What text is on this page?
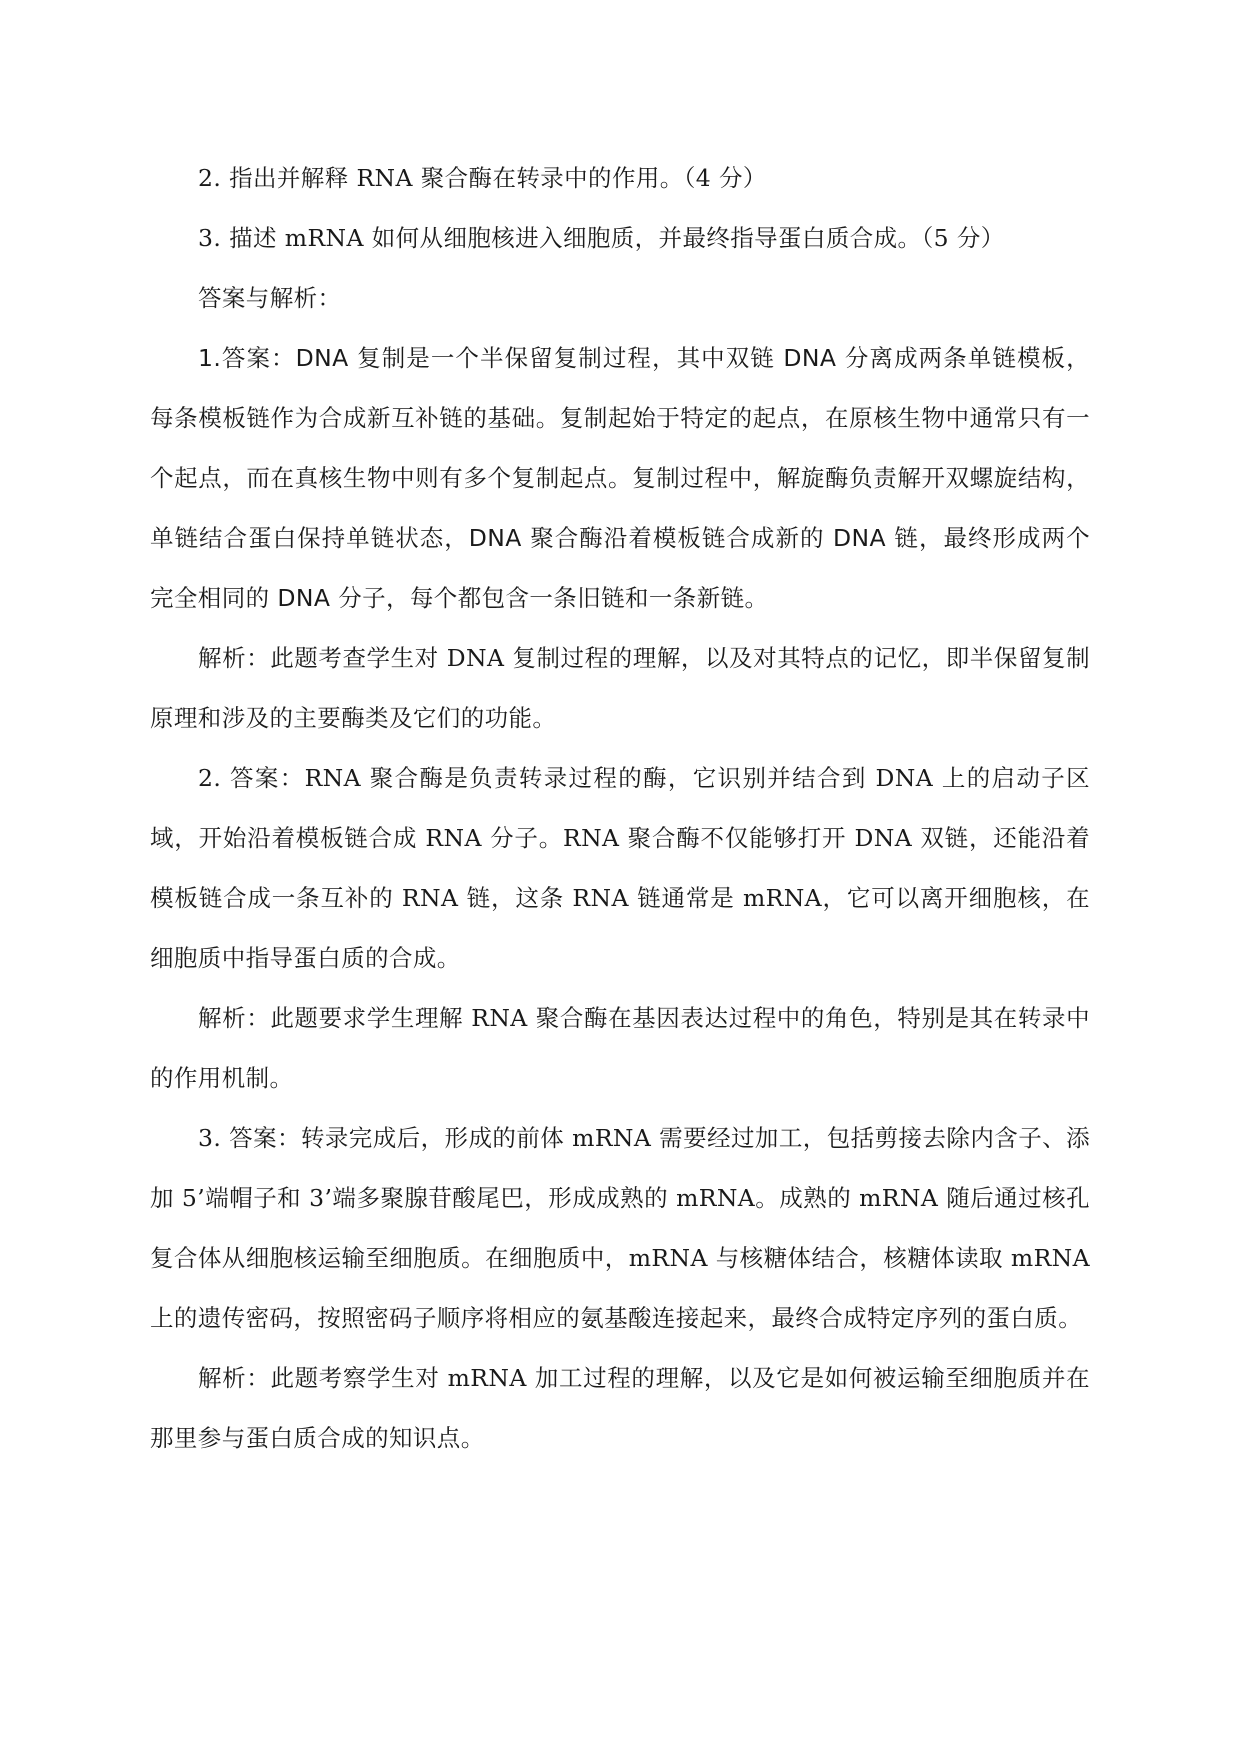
2. 指出并解释 RNA 聚合酶在转录中的作用。（4 分）

3. 描述 mRNA 如何从细胞核进入细胞质，并最终指导蛋白质合成。（5 分）

答案与解析：

1.答案：DNA 复制是一个半保留复制过程，其中双链 DNA 分离成两条单链模板，每条模板链作为合成新互补链的基础。复制起始于特定的起点，在原核生物中通常只有一个起点，而在真核生物中则有多个复制起点。复制过程中，解旋酶负责解开双螺旋结构，单链结合蛋白保持单链状态，DNA 聚合酶沿着模板链合成新的 DNA 链，最终形成两个完全相同的 DNA 分子，每个都包含一条旧链和一条新链。

解析：此题考查学生对 DNA 复制过程的理解，以及对其特点的记忆，即半保留复制原理和涉及的主要酶类及它们的功能。

2. 答案：RNA 聚合酶是负责转录过程的酶，它识别并结合到 DNA 上的启动子区域，开始沿着模板链合成 RNA 分子。RNA 聚合酶不仅能够打开 DNA 双链，还能沿着模板链合成一条互补的 RNA 链，这条 RNA 链通常是 mRNA，它可以离开细胞核，在细胞质中指导蛋白质的合成。

解析：此题要求学生理解 RNA 聚合酶在基因表达过程中的角色，特别是其在转录中的作用机制。

3. 答案：转录完成后，形成的前体 mRNA 需要经过加工，包括剪接去除内含子、添加 5’端帽子和 3’端多聚腺苷酸尾巴，形成成熟的 mRNA。成熟的 mRNA 随后通过核孔复合体从细胞核运输至细胞质。在细胞质中，mRNA 与核糖体结合，核糖体读取 mRNA 上的遗传密码，按照密码子顺序将相应的氨基酸连接起来，最终合成特定序列的蛋白质。

解析：此题考察学生对 mRNA 加工过程的理解，以及它是如何被运输至细胞质并在那里参与蛋白质合成的知识点。
